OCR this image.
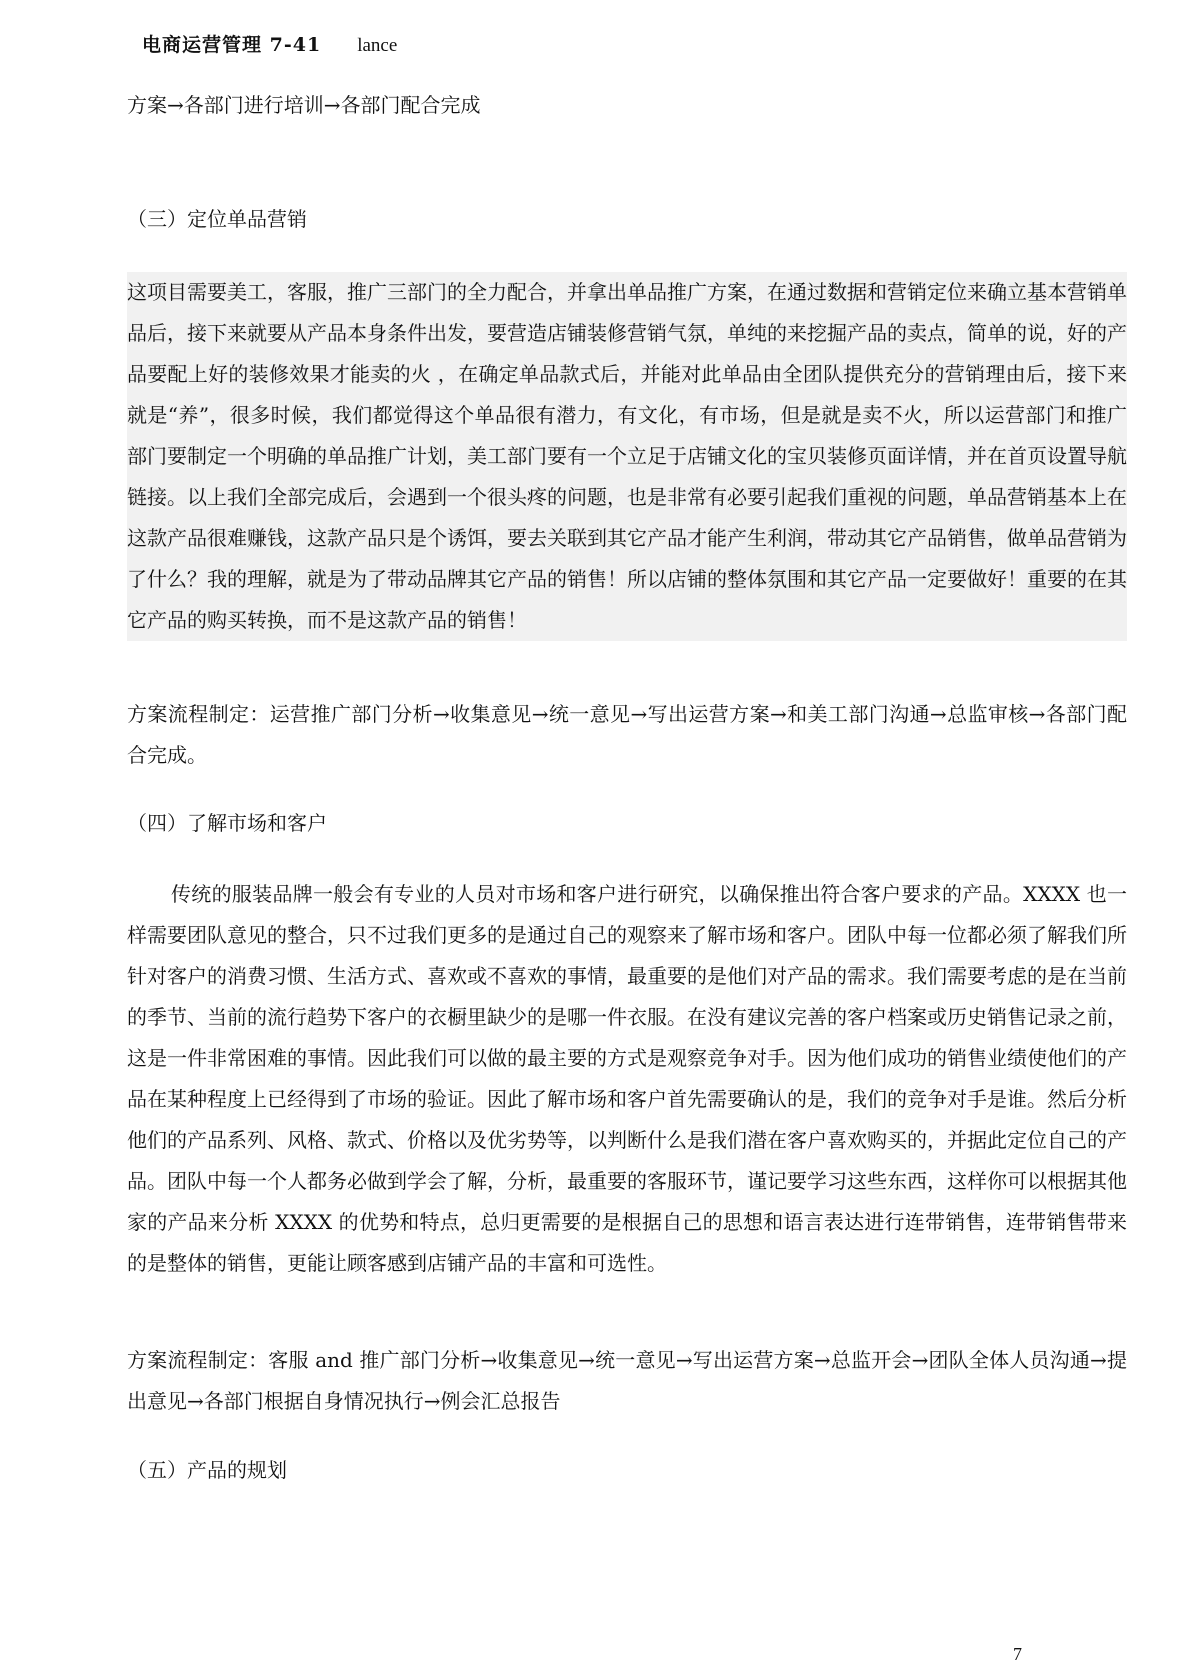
电商运营管理 7-41 lance
方案→各部门进行培训→各部门配合完成
（三）定位单品营销
这项目需要美工，客服，推广三部门的全力配合，并拿出单品推广方案，在通过数据和营销定位来确立基本营销单品后，接下来就要从产品本身条件出发，要营造店铺装修营销气氛，单纯的来挖掘产品的卖点，简单的说，好的产品要配上好的装修效果才能卖的火 ，在确定单品款式后，并能对此单品由全团队提供充分的营销理由后，接下来就是“养”，很多时候，我们都觉得这个单品很有潜力，有文化，有市场，但是就是卖不火，所以运营部门和推广部门要制定一个明确的单品推广计划，美工部门要有一个立足于店铺文化的宝贝装修页面详情，并在首页设置导航链接。以上我们全部完成后，会遇到一个很头疼的问题，也是非常有必要引起我们重视的问题，单品营销基本上在这款产品很难赚钱，这款产品只是个诱饵，要去关联到其它产品才能产生利润，带动其它产品销售，做单品营销为了什么？我的理解，就是为了带动品牌其它产品的销售！所以店铺的整体氛围和其它产品一定要做好！重要的在其它产品的购买转换，而不是这款产品的销售！
方案流程制定：运营推广部门分析→收集意见→统一意见→写出运营方案→和美工部门沟通→总监审核→各部门配合完成。
（四）了解市场和客户
传统的服装品牌一般会有专业的人员对市场和客户进行研究，以确保推出符合客户要求的产品。XXXX 也一样需要团队意见的整合，只不过我们更多的是通过自己的观察来了解市场和客户。团队中每一位都必须了解我们所针对客户的消费习惯、生活方式、喜欢或不喜欢的事情，最重要的是他们对产品的需求。我们需要考虑的是在当前的季节、当前的流行趋势下客户的衣橱里缺少的是哪一件衣服。在没有建议完善的客户档案或历史销售记录之前，这是一件非常困难的事情。因此我们可以做的最主要的方式是观察竞争对手。因为他们成功的销售业绩使他们的产品在某种程度上已经得到了市场的验证。因此了解市场和客户首先需要确认的是，我们的竞争对手是谁。然后分析他们的产品系列、风格、款式、价格以及优劣势等，以判断什么是我们潜在客户喜欢购买的，并据此定位自己的产品。团队中每一个人都务必做到学会了解，分析，最重要的客服环节，谨记要学习这些东西，这样你可以根据其他家的产品来分析 XXXX 的优势和特点，总归更需要的是根据自己的思想和语言表达进行连带销售，连带销售带来的是整体的销售，更能让顾客感到店铺产品的丰富和可选性。
方案流程制定：客服 and 推广部门分析→收集意见→统一意见→写出运营方案→总监开会→团队全体人员沟通→提出意见→各部门根据自身情况执行→例会汇总报告
（五）产品的规划
7
